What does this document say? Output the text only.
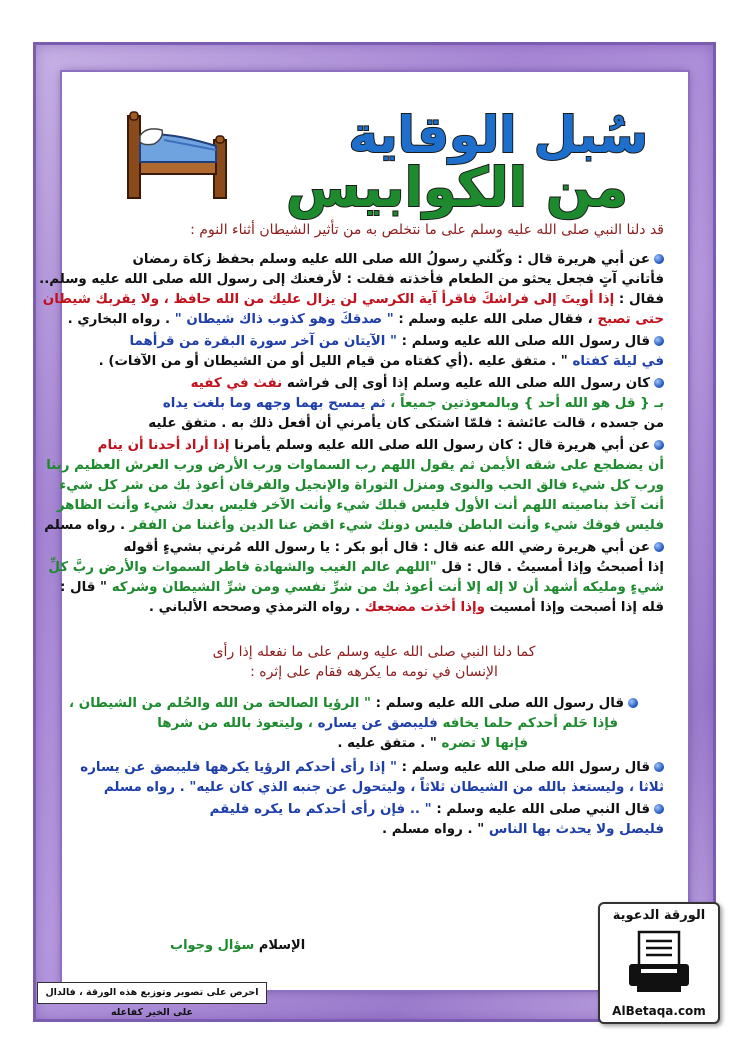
سُبل الوقاية
من الكوابيس
قد دلنا النبي صلى الله عليه وسلم على ما نتخلص به من تأثير الشيطان أثناء النوم :
عن أبي هريرة قال : وكّلني رسولُ الله صلى الله عليه وسلم بحفظ زكاة رمضان
فأتاني آتٍ فجعل يحثو من الطعام فأخذته فقلت : لأرفعنك إلى رسول الله صلى الله عليه وسلم..
فقال : إذا أويتَ إلى فراشكَ فاقرأ آية الكرسي لن يزال عليك من الله حافظ ، ولا يقربك شيطان
حتى تصبح ، فقال صلى الله عليه وسلم : " صدقكَ وهو كذوب ذاك شيطان " . رواه البخاري .
قال رسول الله صلى الله عليه وسلم : " الآيتان من آخر سورة البقرة من قرأهما
في ليلة كفتاه " . متفق عليه .(أي كفتاه من قيام الليل أو من الشيطان أو من الآفات) .
كان رسول الله صلى الله عليه وسلم إذا أوى إلى فراشه نفث في كفيه
بـ { قل هو الله أحد } وبالمعوذتين جميعاً ، ثم يمسح بهما وجهه وما بلغت يداه
من جسده ، قالت عائشة : فلمّا اشتكى كان يأمرني أن أفعل ذلك به . متفق عليه
عن أبي هريرة قال : كان رسول الله صلى الله عليه وسلم يأمرنا إذا أراد أحدنا أن ينام
أن يضطجع على شقه الأيمن ثم يقول اللهم رب السماوات ورب الأرض ورب العرش العظيم ربنا
ورب كل شيء فالق الحب والنوى ومنزل التوراة والإنجيل والفرقان أعوذ بك من شر كل شيء
أنت آخذ بناصيته اللهم أنت الأول فليس قبلك شيء وأنت الآخر فليس بعدك شيء وأنت الظاهر
فليس فوقك شيء وأنت الباطن فليس دونك شيء اقض عنا الدين وأغننا من الفقر . رواه مسلم
عن أبي هريرة رضي الله عنه قال : قال أبو بكر : يا رسول الله مُرني بشيءٍ أقوله
إذا أصبحتُ وإذا أمسيتُ . قال : قل "اللهم عالم الغيب والشهادة فاطر السموات والأرض ربَّ كلِّ
شيءٍ ومليكه أشهد أن لا إله إلا أنت أعوذ بك من شرِّ نفسي ومن شرِّ الشيطان وشركه " قال :
قله إذا أصبحت وإذا أمسيت وإذا أخذت مضجعك . رواه الترمذي وصححه الألباني .
كما دلنا النبي صلى الله عليه وسلم على ما نفعله إذا رأى
الإنسان في نومه ما يكرهه فقام على إثره :
قال رسول الله صلى الله عليه وسلم : " الرؤيا الصالحة من الله والحُلم من الشيطان ،
فإذا حَلم أحدكم حلما يخافه فليبصق عن يساره ، وليتعوذ بالله من شرها
فإنها لا تضره " . متفق عليه .
قال رسول الله صلى الله عليه وسلم : " إذا رأى أحدكم الرؤيا يكرهها فليبصق عن يساره
ثلاثا ، وليستعذ بالله من الشيطان ثلاثاً ، وليتحول عن جنبه الذي كان عليه" . رواه مسلم
قال النبي صلى الله عليه وسلم : " .. فإن رأى أحدكم ما يكره فليقم
فليصل ولا يحدث بها الناس " . رواه مسلم .
الإسلام سؤال وجواب
الورقة الدعوية
AlBetaqa.com
احرص على تصوير وتوزيع هذه الورقة ، فالدال على الخير كفاعله
